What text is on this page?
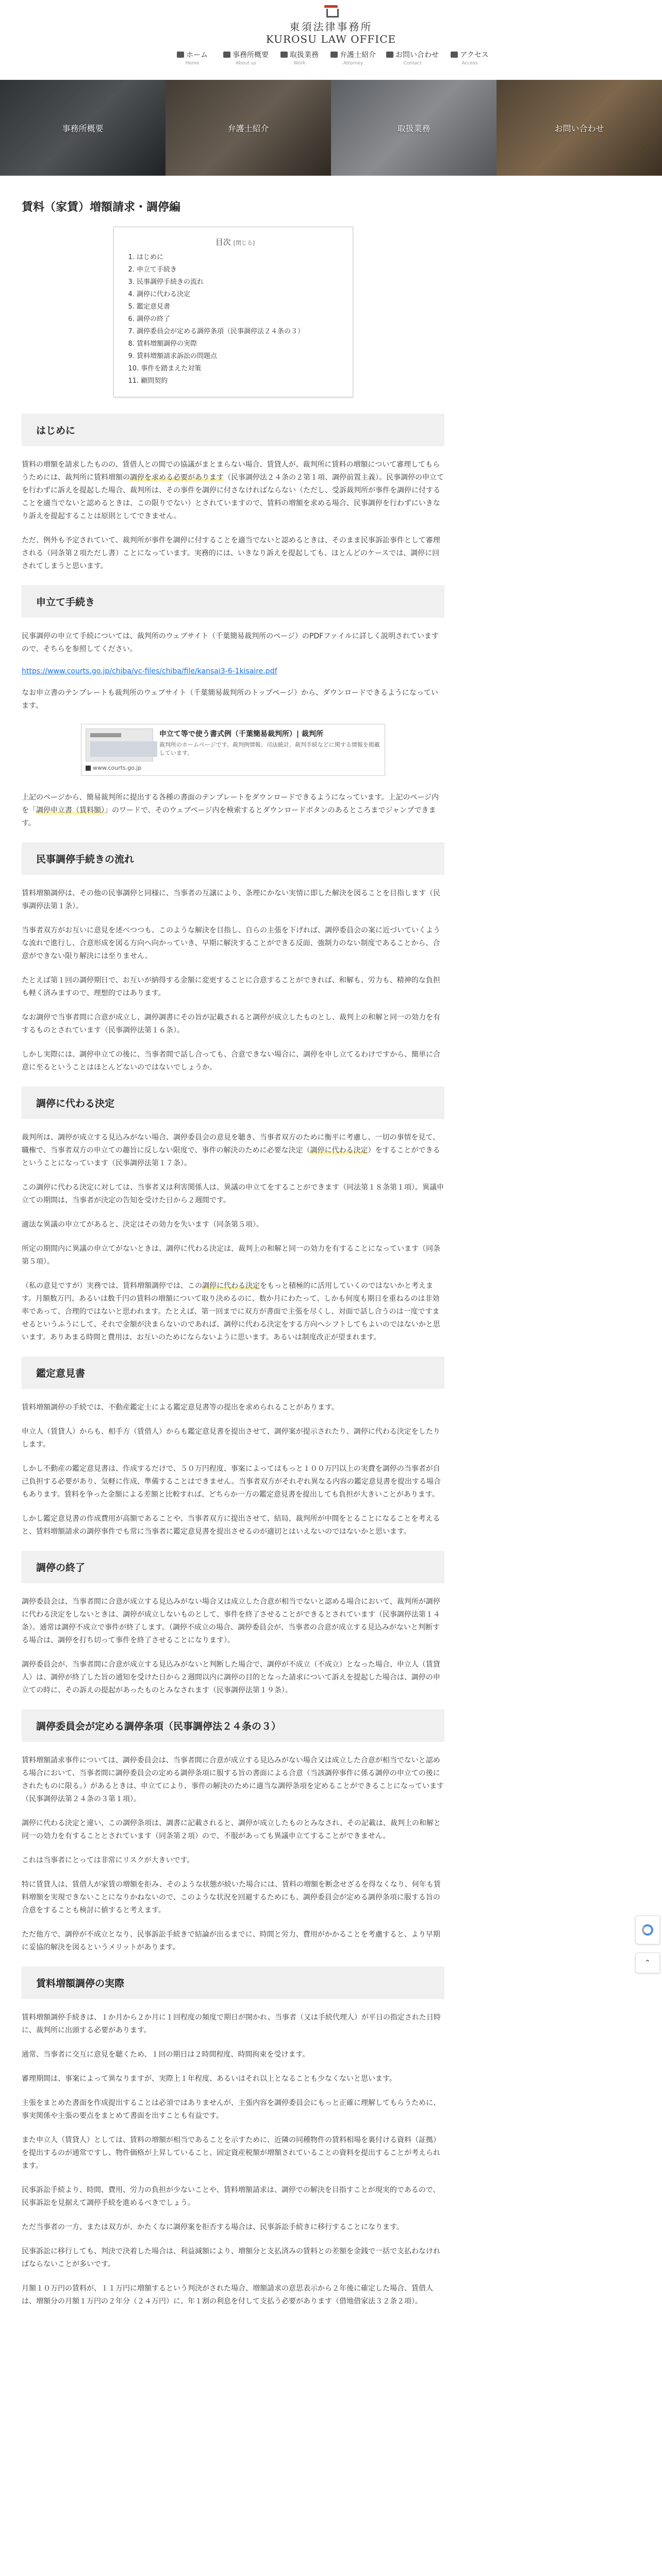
東須法律事務所
KUROSU LAW OFFICE
ホーム
Home
事務所概要
About us
取扱業務
Work
弁護士紹介
Attorney
お問い合わせ
Contact
アクセス
Access
事務所概要	弁護士紹介	取扱業務	お問い合わせ
賃料（家賃）増額請求・調停編
目次 [閉じる]
1. はじめに
2. 申立て手続き
3. 民事調停手続きの流れ
4. 調停に代わる決定
5. 鑑定意見書
6. 調停の終了
7. 調停委員会が定める調停条項（民事調停法２４条の３）
8. 賃料増額調停の実際
9. 賃料増額請求訴訟の問題点
10. 事件を踏まえた対策
11. 顧問契約
はじめに

賃料の増額を請求したものの、賃借人との間での協議がまとまらない場合、賃貸人が、裁判所に賃料の増額について審理してもらうためには、裁判所に賃料増額の調停を求める必要があります（民事調停法２４条の２第１項、調停前置主義）。民事調停の申立てを行わずに訴えを提起した場合、裁判所は、その事件を調停に付さなければならない（ただし、受訴裁判所が事件を調停に付することを適当でないと認めるときは、この限りでない）とされていますので、賃料の増額を求める場合、民事調停を行わずにいきなり訴えを提起することは原則としてできません。

ただ、例外も予定されていて、裁判所が事件を調停に付することを適当でないと認めるときは、そのまま民事訴訟事件として審理される（同条第２項ただし書）ことになっています。実務的には、いきなり訴えを提起しても、ほとんどのケースでは、調停に回されてしまうと思います。

申立て手続き

民事調停の申立て手続については、裁判所のウェブサイト（千葉簡易裁判所のページ）のPDFファイルに詳しく説明されていますので、そちらを参照してください。

https://www.courts.go.jp/chiba/vc-files/chiba/file/kansai3-6-1kisaire.pdf

なお申立書のテンプレートも裁判所のウェブサイト（千葉簡易裁判所のトップページ）から、ダウンロードできるようになっています。

申立て等で使う書式例（千葉簡易裁判所）| 裁判所
裁判所のホームページです。裁判例情報、司法統計、裁判手続などに関する情報を掲載しています。
www.courts.go.jp

上記のページから、簡易裁判所に提出する各種の書面のテンプレートをダウンロードできるようになっています。上記のページ内を「調停申立書（賃料額）」のワードで、そのウェブページ内を検索するとダウンロードボタンのあるところまでジャンプできます。

民事調停手続きの流れ

賃料増額調停は、その他の民事調停と同様に、当事者の互譲により、条理にかない実情に即した解決を図ることを目指します（民事調停法第１条）。

当事者双方がお互いに意見を述べつつも、このような解決を目指し、自らの主張を下げれば、調停委員会の案に近づいていくような流れで進行し、合意形成を図る方向へ向かっていき、早期に解決することができる反面、強制力のない制度であることから、合意ができない限り解決には至りません。

たとえば第１回の調停期日で、お互いが納得する金額に変更することに合意することができれば、和解も、労力も、精神的な負担も軽く済みますので、理想的ではあります。

なお調停で当事者間に合意が成立し、調停調書にその旨が記載されると調停が成立したものとし、裁判上の和解と同一の効力を有するものとされています（民事調停法第１６条）。

しかし実際には、調停申立ての後に、当事者間で話し合っても、合意できない場合に、調停を申し立てるわけですから、簡単に合意に至るということはほとんどないのではないでしょうか。

調停に代わる決定

裁判所は、調停が成立する見込みがない場合、調停委員会の意見を聴き、当事者双方のために衡平に考慮し、一切の事情を見て、職権で、当事者双方の申立ての趣旨に反しない限度で、事件の解決のために必要な決定（調停に代わる決定）をすることができるということになっています（民事調停法第１７条）。

この調停に代わる決定に対しては、当事者又は利害関係人は、異議の申立てをすることができます（同法第１８条第１項）。異議申立ての期間は、当事者が決定の告知を受けた日から２週間です。

適法な異議の申立てがあると、決定はその効力を失います（同条第５項）。

所定の期間内に異議の申立てがないときは、調停に代わる決定は、裁判上の和解と同一の効力を有することになっています（同条第５項）。

（私の意見ですが）実務では、賃料増額調停では、この調停に代わる決定をもっと積極的に活用していくのではないかと考えます。月額数万円、あるいは数千円の賃料の増額について取り決めるのに、数か月にわたって、しかも何度も期日を重ねるのは非効率であって、合理的ではないと思われます。たとえば、第一回までに双方が書面で主張を尽くし、対面で話し合うのは一度ですませるというふうにして、それで金額が決まらないのであれば、調停に代わる決定をする方向へシフトしてもよいのではないかと思います。ありあまる時間と費用は、お互いのためにならないように思います。あるいは制度改正が望まれます。

鑑定意見書

賃料増額調停の手続では、不動産鑑定士による鑑定意見書等の提出を求められることがあります。

申立人（賃貸人）からも、相手方（賃借人）からも鑑定意見書を提出させて、調停案が提示されたり、調停に代わる決定をしたりします。

しかし不動産の鑑定意見書は、作成するだけで、５０万円程度、事案によってはもっと１００万円以上の実費を調停の当事者が自己負担する必要があり、気軽に作成、準備することはできません。当事者双方がそれぞれ異なる内容の鑑定意見書を提出する場合もあります。賃料を争った金額による差額と比較すれば、どちらか一方の鑑定意見書を提出しても負担が大きいことがあります。

しかし鑑定意見書の作成費用が高額であることや、当事者双方に提出させて、結局、裁判所が中間をとることになることを考えると、賃料増額請求の調停事件でも常に当事者に鑑定意見書を提出させるのが適切とはいえないのではないかと思います。

調停の終了

調停委員会は、当事者間に合意が成立する見込みがない場合又は成立した合意が相当でないと認める場合において、裁判所が調停に代わる決定をしないときは、調停が成立しないものとして、事件を終了させることができるとされています（民事調停法第１４条）。通常は調停不成立で事件が終了します。（調停不成立の場合、調停委員会が、当事者の合意が成立する見込みがないと判断する場合は、調停を打ち切って事件を終了させることになります）。

調停委員会が、当事者間に合意が成立する見込みがないと判断した場合で、調停が不成立（不成立）となった場合、申立人（賃貸人）は、調停が終了した旨の通知を受けた日から２週間以内に調停の目的となった請求について訴えを提起した場合は、調停の申立ての時に、その訴えの提起があったものとみなされます（民事調停法第１９条）。

調停委員会が定める調停条項（民事調停法２４条の３）

賃料増額請求事件については、調停委員会は、当事者間に合意が成立する見込みがない場合又は成立した合意が相当でないと認める場合において、当事者間に調停委員会の定める調停条項に服する旨の書面による合意（当該調停事件に係る調停の申立ての後にされたものに限る。）があるときは、申立てにより、事件の解決のために適当な調停条項を定めることができることになっています（民事調停法第２４条の３第１項）。

調停に代わる決定と違い、この調停条項は、調書に記載されると、調停が成立したものとみなされ、その記載は、裁判上の和解と同一の効力を有することとされています（同条第２項）ので、不服があっても異議申立てすることができません。

これは当事者にとっては非常にリスクが大きいです。

特に賃貸人は、賃借人が家賃の増額を拒み、そのような状態が続いた場合には、賃料の増額を断念せざるを得なくなり、何年も賃料増額を実現できないことになりかねないので、このような状況を回避するためにも、調停委員会が定める調停条項に服する旨の合意をすることも検討に値すると考えます。

ただ他方で、調停が不成立となり、民事訴訟手続きで結論が出るまでに、時間と労力、費用がかかることを考慮すると、より早期に妥協的解決を図るというメリットがあります。

賃料増額調停の実際

賃料増額調停手続きは、１か月から２か月に１回程度の頻度で期日が開かれ、当事者（又は手続代理人）が平日の指定された日時に、裁判所に出頭する必要があります。

通常、当事者に交互に意見を聴くため、１回の期日は２時間程度、時間拘束を受けます。

審理期間は、事案によって異なりますが、実際上１年程度、あるいはそれ以上となることも少なくないと思います。

主張をまとめた書面を作成提出することは必須ではありませんが、主張内容を調停委員会にもっと正確に理解してもらうために、事実関係や主張の要点をまとめて書面を出すことも有益です。

また申立人（賃貸人）としては、賃料の増額が相当であることを示すために、近隣の同種物件の賃料相場を裏付ける資料（証拠）を提出するのが通常ですし、物件価格が上昇していること、固定資産税額が増額されていることの資料を提出することが考えられます。

民事訴訟手続より、時間、費用、労力の負担が少ないことや、賃料増額請求は、調停での解決を目指すことが現実的であるので、民事訴訟を見据えて調停手続を進めるべきでしょう。

ただ当事者の一方、または双方が、かたくなに調停案を拒否する場合は、民事訴訟手続きに移行することになります。

民事訴訟に移行しても、判決で決着した場合は、利益減額により、増額分と支払済みの賃料との差額を金銭で一括で支払わなければならないことが多いです。

月額１０万円の賃料が、１１万円に増額するという判決がされた場合、増額請求の意思表示から２年後に確定した場合、賃借人は、増額分の月額１万円の２年分（２４万円）に、年１割の利息を付して支払う必要があります（借地借家法３２条２項）。

⌃
